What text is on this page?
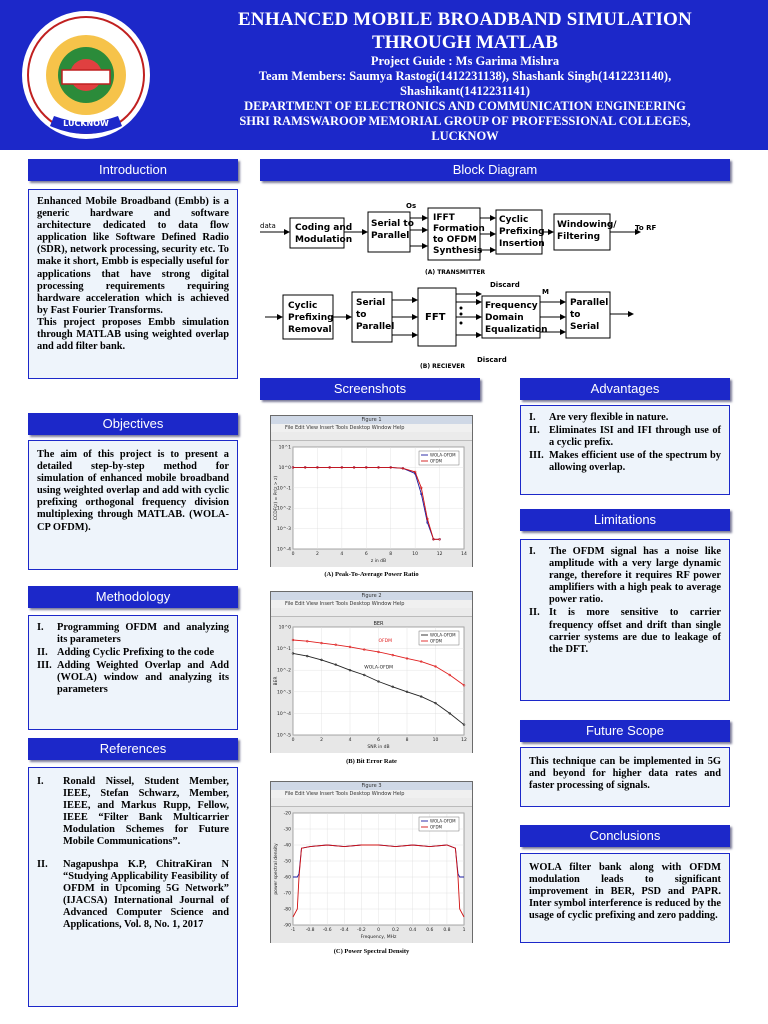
LUCKNOW
ENHANCED MOBILE BROADBAND SIMULATION
THROUGH MATLAB
Project Guide : Ms Garima Mishra
Team Members: Saumya Rastogi(1412231138), Shashank Singh(1412231140),
Shashikant(1412231141)
DEPARTMENT OF ELECTRONICS AND COMMUNICATION ENGINEERING
SHRI RAMSWAROOP MEMORIAL GROUP OF PROFFESSIONAL COLLEGES,
LUCKNOW
Introduction

Enhanced Mobile Broadband (Embb) is a generic hardware and software architecture dedicated to data flow application like Software Defined Radio (SDR), network processing, security etc. To make it short, Embb is especially useful for applications that have strong digital processing requirements requiring hardware acceleration which is achieved by Fast Fourier Transforms.

This project proposes Embb simulation through MATLAB using weighted overlap and add filter bank.

Objectives

The aim of this project is to present a detailed step-by-step method for simulation of enhanced mobile broadband using weighted overlap and add with cyclic prefixing orthogonal frequency division multiplexing through MATLAB. (WOLA- CP OFDM).

Methodology
I. Programming OFDM and analyzing its parameters
II. Adding Cyclic Prefixing to the code
III. Adding Weighted Overlap and Add (WOLA) window and analyzing its parameters
References
I. Ronald Nissel, Student Member, IEEE, Stefan Schwarz, Member, IEEE, and Markus Rupp, Fellow, IEEE “Filter Bank Multicarrier Modulation Schemes for Future Mobile Communications”.
II. Nagapushpa K.P, ChitraKiran N “Studying Applicability Feasibility of OFDM in Upcoming 5G Network” (IJACSA) International Journal of Advanced Computer Science and Applications, Vol. 8, No. 1, 2017
Block Diagram
data Coding and
Modulation
Serial to
Parallel
Os
IFFT
Formation
to OFDM
Synthesis
Cyclic
Prefixing
Insertion
Windowing/
Filtering
To RF
(A) TRANSMITTER
Discard
M
Cyclic
Prefixing
Removal
Serial
to
Parallel
FFT
Frequency
Domain
Equalization
Parallel
to
Serial
Discard
(B) RECIEVER
Screenshots
Figure 1
File Edit View Insert Tools Desktop Window Help
0	2	4	6	8	10	12	14
10^-4
10^-3
10^-2
10^-1
10^0
10^1
WOLA-OFDM
OFDM
z in dB
CCDF(z) = Pr(z > z)
(A) Peak-To-Average Power Ratio
Figure 2
File Edit View Insert Tools Desktop Window Help
0	2	4	6	8	10	12
10^-5
10^-4
10^-3
10^-2
10^-1
10^0
WOLA-OFDM
OFDM
SNR in dB
BER
BER
OFDM
WOLA-OFDM
(B) Bit Error Rate
Figure 3
File Edit View Insert Tools Desktop Window Help
-1 -0.8 -0.6 -0.4 -0.2	0	0.2 0.4 0.6 0.8	1
-90
-80
-70
-60
-50
-40
-30
-20
WOLA-OFDM
OFDM
Frequency, MHz
power spectral density
(C) Power Spectral Density
Advantages
I. Are very flexible in nature.
II. Eliminates ISI and IFI through use of a cyclic prefix.
III. Makes efficient use of the spectrum by allowing overlap.
Limitations
I. The OFDM signal has a noise like amplitude with a very large dynamic range, therefore it requires RF power amplifiers with a high peak to average power ratio.
II. It is more sensitive to carrier frequency offset and drift than single carrier systems are due to leakage of the DFT.
Future Scope

This technique can be implemented in 5G and beyond for higher data rates and faster processing of signals.

Conclusions

WOLA filter bank along with OFDM modulation leads to significant improvement in BER, PSD and PAPR. Inter symbol interference is reduced by the usage of cyclic prefixing and zero padding.
